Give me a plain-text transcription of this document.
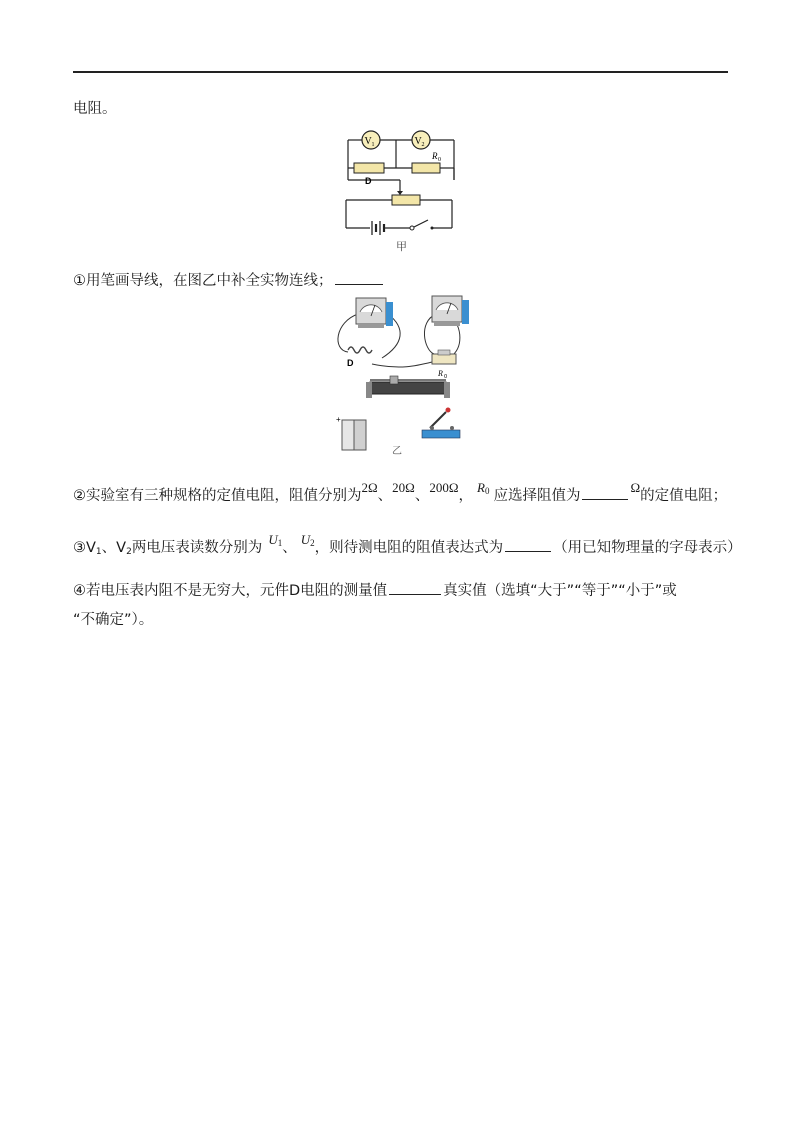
电阻。
V 1	V 2
D
R 0
甲
①用笔画导线，在图乙中补全实物连线；
D
R 0
+
乙
②实验室有三种规格的定值电阻，阻值分别为2Ω、20Ω、200Ω，$R_0$ 应选择阻值为Ω的定值电阻；
$③V_1$、$V_2$两电压表读数分别为$U_1$、$U_2$，则待测电阻的阻值表达式为	（用已知物理量的字母表示）
④若电压表内阻不是无穷大，元件D电阻的测量值	真实值（选填“大于”“等于”“小于”或
“不确定”）。
